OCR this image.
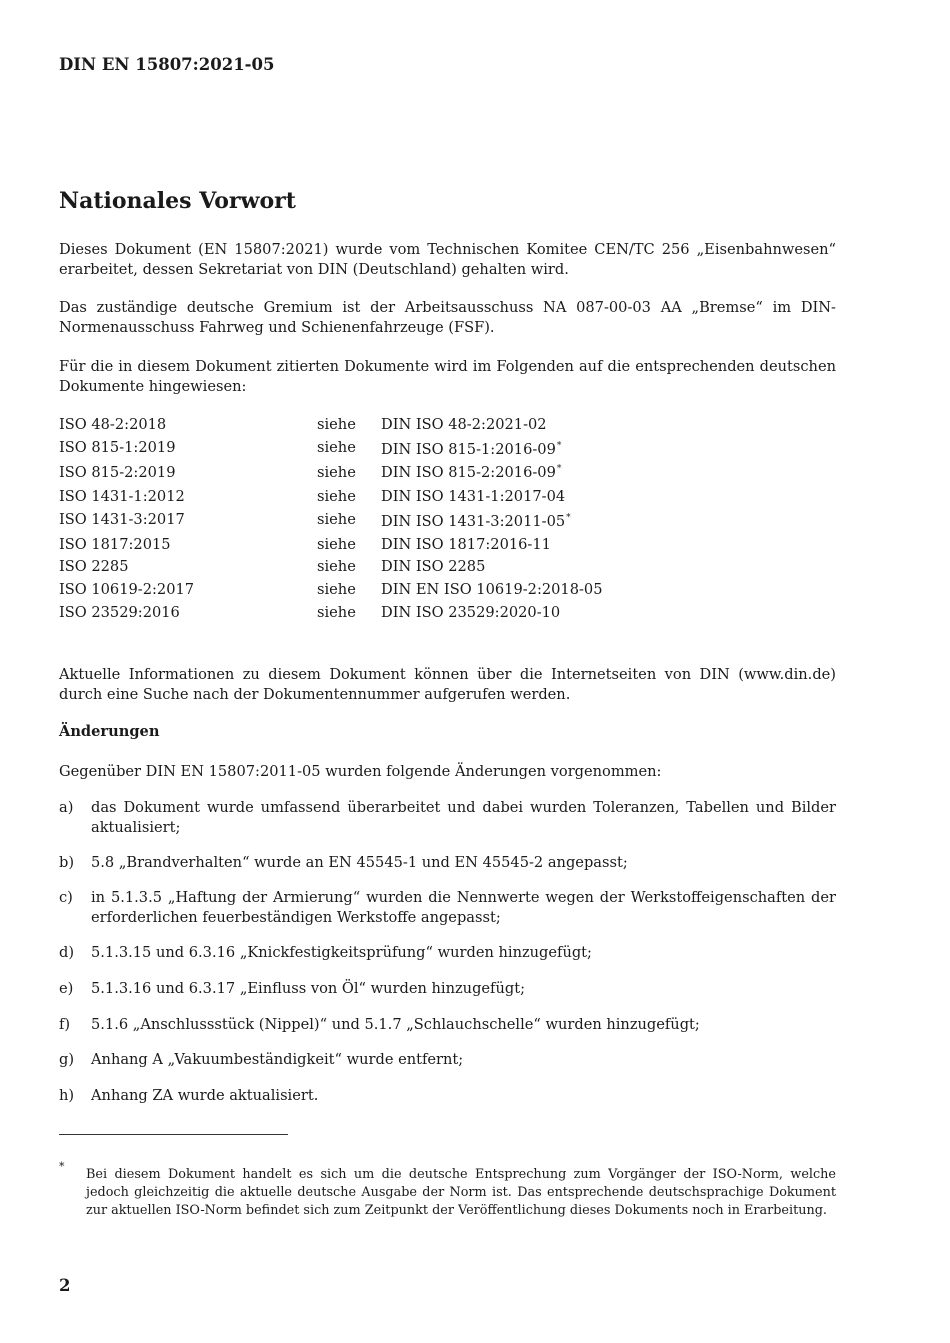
DIN EN 15807:2021-05
Nationales Vorwort
Dieses Dokument (EN 15807:2021) wurde vom Technischen Komitee CEN/TC 256 „Eisenbahnwesen“ erarbeitet, dessen Sekretariat von DIN (Deutschland) gehalten wird.
Das zuständige deutsche Gremium ist der Arbeitsausschuss NA 087-00-03 AA „Bremse“ im DIN-Normenausschuss Fahrweg und Schienenfahrzeuge (FSF).
Für die in diesem Dokument zitierten Dokumente wird im Folgenden auf die entsprechenden deutschen Dokumente hingewiesen:
ISO 48-2:2018	siehe DIN ISO 48-2:2021-02
ISO 815-1:2019	siehe DIN ISO 815-1:2016-09*
ISO 815-2:2019	siehe DIN ISO 815-2:2016-09*
ISO 1431-1:2012	siehe DIN ISO 1431-1:2017-04
ISO 1431-3:2017	siehe DIN ISO 1431-3:2011-05*
ISO 1817:2015	siehe DIN ISO 1817:2016-11
ISO 2285	siehe DIN ISO 2285
ISO 10619-2:2017	siehe DIN EN ISO 10619-2:2018-05
ISO 23529:2016	siehe DIN ISO 23529:2020-10
Aktuelle Informationen zu diesem Dokument können über die Internetseiten von DIN (www.din.de) durch eine Suche nach der Dokumentennummer aufgerufen werden.
Änderungen
Gegenüber DIN EN 15807:2011-05 wurden folgende Änderungen vorgenommen:
a) das Dokument wurde umfassend überarbeitet und dabei wurden Toleranzen, Tabellen und Bilder aktualisiert;
b) 5.8 „Brandverhalten“ wurde an EN 45545-1 und EN 45545-2 angepasst;
c) in 5.1.3.5 „Haftung der Armierung“ wurden die Nennwerte wegen der Werkstoffeigenschaften der erforderlichen feuerbeständigen Werkstoffe angepasst;
d) 5.1.3.15 und 6.3.16 „Knickfestigkeitsprüfung“ wurden hinzugefügt;
e) 5.1.3.16 und 6.3.17 „Einfluss von Öl“ wurden hinzugefügt;
f) 5.1.6 „Anschlussstück (Nippel)“ und 5.1.7 „Schlauchschelle“ wurden hinzugefügt;
g) Anhang A „Vakuumbeständigkeit“ wurde entfernt;
h) Anhang ZA wurde aktualisiert.
*
Bei diesem Dokument handelt es sich um die deutsche Entsprechung zum Vorgänger der ISO-Norm, welche jedoch gleichzeitig die aktuelle deutsche Ausgabe der Norm ist. Das entsprechende deutschsprachige Dokument zur aktuellen ISO-Norm befindet sich zum Zeitpunkt der Veröffentlichung dieses Dokuments noch in Erarbeitung.
2
